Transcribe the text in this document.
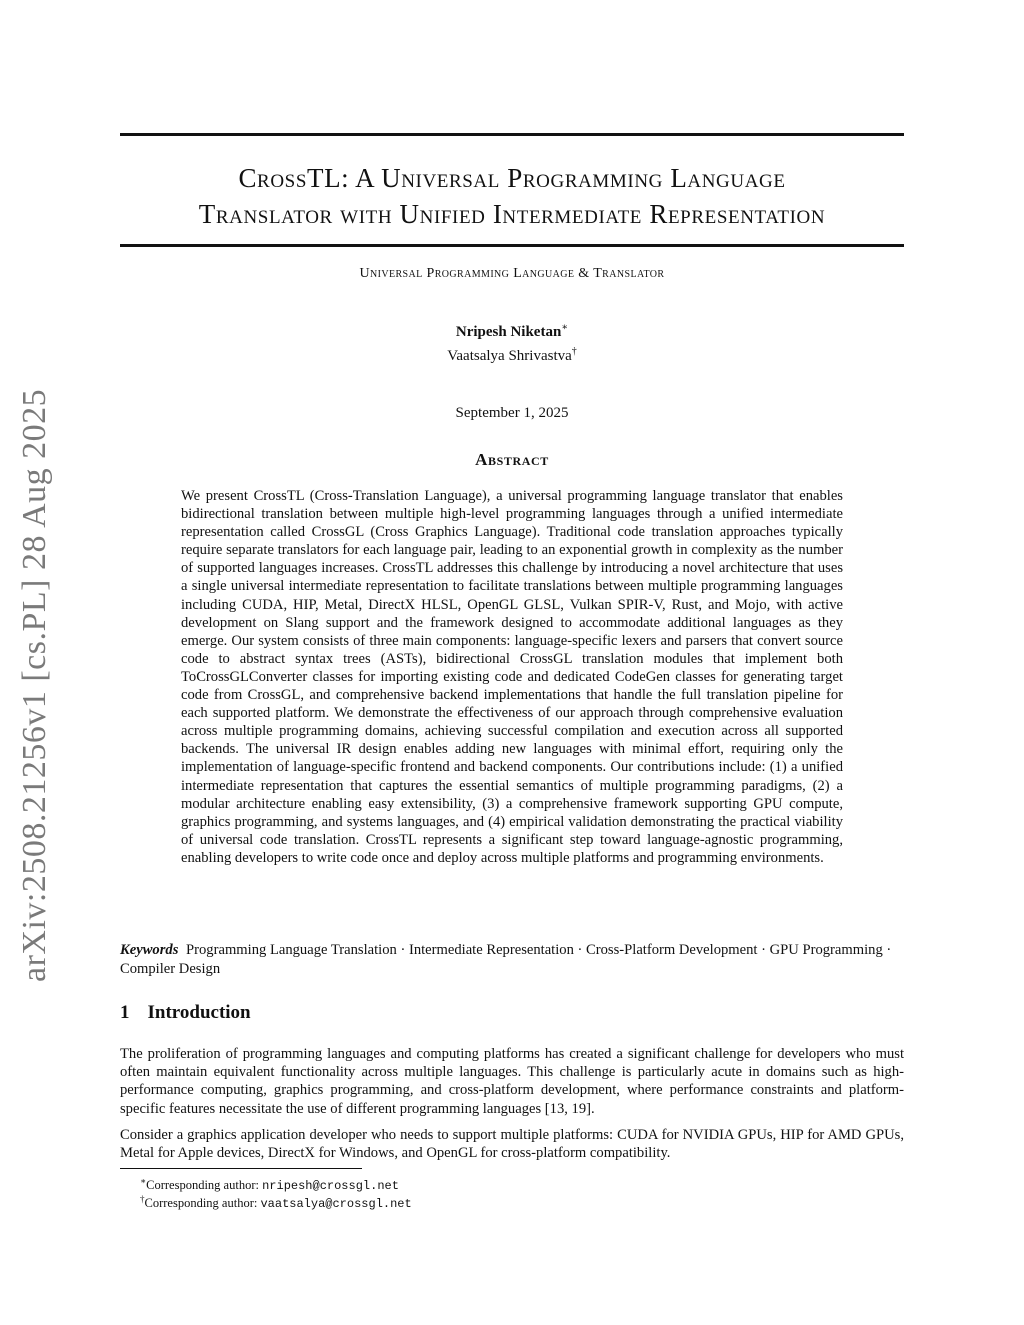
arXiv:2508.21256v1 [cs.PL] 28 Aug 2025
CrossTL: A Universal Programming Language
Translator with Unified Intermediate Representation
Universal Programming Language & Translator
Nripesh Niketan∗
Vaatsalya Shrivastva†
September 1, 2025
Abstract
We present CrossTL (Cross-Translation Language), a universal programming language translator that enables bidirectional translation between multiple high-level programming languages through a unified intermediate representation called CrossGL (Cross Graphics Language). Traditional code translation approaches typically require separate translators for each language pair, leading to an exponential growth in complexity as the number of supported languages increases. CrossTL addresses this challenge by introducing a novel architecture that uses a single universal intermediate representation to facilitate translations between multiple programming languages including CUDA, HIP, Metal, DirectX HLSL, OpenGL GLSL, Vulkan SPIR-V, Rust, and Mojo, with active development on Slang support and the framework designed to accommodate additional languages as they emerge. Our system consists of three main components: language-specific lexers and parsers that convert source code to abstract syntax trees (ASTs), bidirectional CrossGL translation modules that implement both ToCrossGLConverter classes for importing existing code and dedicated CodeGen classes for generating target code from CrossGL, and comprehensive backend implementations that handle the full translation pipeline for each supported platform. We demonstrate the effectiveness of our approach through comprehensive evaluation across multiple programming domains, achieving successful compilation and execution across all supported backends. The universal IR design enables adding new languages with minimal effort, requiring only the implementation of language-specific frontend and backend components. Our contributions include: (1) a unified intermediate representation that captures the essential semantics of multiple programming paradigms, (2) a modular architecture enabling easy extensibility, (3) a comprehensive framework supporting GPU compute, graphics programming, and systems languages, and (4) empirical validation demonstrating the practical viability of universal code translation. CrossTL represents a significant step toward language-agnostic programming, enabling developers to write code once and deploy across multiple platforms and programming environments.
Keywords Programming Language Translation · Intermediate Representation · Cross-Platform Development · GPU Programming · Compiler Design
1 Introduction
The proliferation of programming languages and computing platforms has created a significant challenge for developers who must often maintain equivalent functionality across multiple languages. This challenge is particularly acute in domains such as high-performance computing, graphics programming, and cross-platform development, where performance constraints and platform-specific features necessitate the use of different programming languages [13, 19].
Consider a graphics application developer who needs to support multiple platforms: CUDA for NVIDIA GPUs, HIP for AMD GPUs, Metal for Apple devices, DirectX for Windows, and OpenGL for cross-platform compatibility.
∗Corresponding author: nripesh@crossgl.net
†Corresponding author: vaatsalya@crossgl.net
